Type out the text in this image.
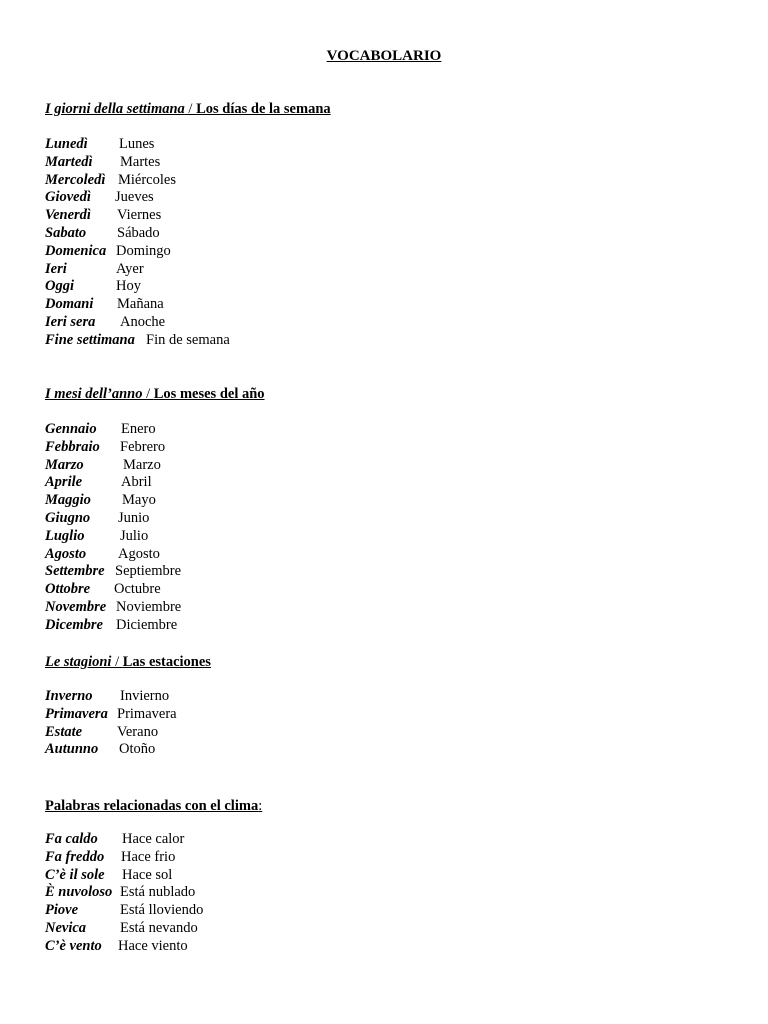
VOCABOLARIO
I giorni della settimana / Los días de la semana
Lunedì Lunes
Martedì Martes
Mercoledì Miércoles
Giovedì Jueves
Venerdì Viernes
Sabato Sábado
Domenica Domingo
Ieri	Ayer
Oggi	Hoy
Domani Mañana
Ieri sera Anoche
Fine settimana Fin de semana
I mesi dell’anno / Los meses del año
Gennaio Enero
Febbraio Febrero
Marzo	Marzo
Aprile	Abril
Maggio Mayo
Giugno Junio
Luglio Julio
Agosto Agosto
Settembre Septiembre
Ottobre Octubre
Novembre Noviembre
Dicembre Diciembre
Le stagioni / Las estaciones
Inverno Invierno
Primavera Primavera
Estate Verano
Autunno Otoño
Palabras relacionadas con el clima:
Fa caldo Hace calor
Fa freddo Hace frio
C’è il sole Hace sol
È nuvoloso Está nublado
Piove	Está lloviendo
Nevica Está nevando
C’è vento Hace viento
